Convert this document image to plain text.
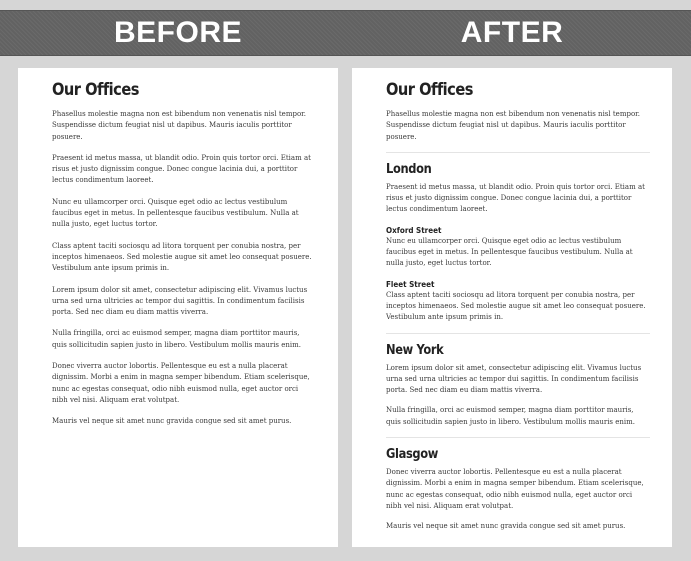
BEFORE	AFTER
Our Offices

Phasellus molestie magna non est bibendum non venenatis nisl tempor. Suspendisse dictum feugiat nisl ut dapibus. Mauris iaculis porttitor posuere.

Praesent id metus massa, ut blandit odio. Proin quis tortor orci. Etiam at risus et justo dignissim congue. Donec congue lacinia dui, a porttitor lectus condimentum laoreet.

Nunc eu ullamcorper orci. Quisque eget odio ac lectus vestibulum faucibus eget in metus. In pellentesque faucibus vestibulum. Nulla at nulla justo, eget luctus tortor.

Class aptent taciti sociosqu ad litora torquent per conubia nostra, per inceptos himenaeos. Sed molestie augue sit amet leo consequat posuere. Vestibulum ante ipsum primis in.

Lorem ipsum dolor sit amet, consectetur adipiscing elit. Vivamus luctus urna sed urna ultricies ac tempor dui sagittis. In condimentum facilisis porta. Sed nec diam eu diam mattis viverra.

Nulla fringilla, orci ac euismod semper, magna diam porttitor mauris, quis sollicitudin sapien justo in libero. Vestibulum mollis mauris enim.

Donec viverra auctor lobortis. Pellentesque eu est a nulla placerat dignissim. Morbi a enim in magna semper bibendum. Etiam scelerisque, nunc ac egestas consequat, odio nibh euismod nulla, eget auctor orci nibh vel nisi. Aliquam erat volutpat.

Mauris vel neque sit amet nunc gravida congue sed sit amet purus.

Our Offices

Phasellus molestie magna non est bibendum non venenatis nisl tempor. Suspendisse dictum feugiat nisl ut dapibus. Mauris iaculis porttitor posuere.

London

Praesent id metus massa, ut blandit odio. Proin quis tortor orci. Etiam at risus et justo dignissim congue. Donec congue lacinia dui, a porttitor lectus condimentum laoreet.

Oxford Street

Nunc eu ullamcorper orci. Quisque eget odio ac lectus vestibulum faucibus eget in metus. In pellentesque faucibus vestibulum. Nulla at nulla justo, eget luctus tortor.

Fleet Street

Class aptent taciti sociosqu ad litora torquent per conubia nostra, per inceptos himenaeos. Sed molestie augue sit amet leo consequat posuere. Vestibulum ante ipsum primis in.

New York

Lorem ipsum dolor sit amet, consectetur adipiscing elit. Vivamus luctus urna sed urna ultricies ac tempor dui sagittis. In condimentum facilisis porta. Sed nec diam eu diam mattis viverra.

Nulla fringilla, orci ac euismod semper, magna diam porttitor mauris, quis sollicitudin sapien justo in libero. Vestibulum mollis mauris enim.

Glasgow

Donec viverra auctor lobortis. Pellentesque eu est a nulla placerat dignissim. Morbi a enim in magna semper bibendum. Etiam scelerisque, nunc ac egestas consequat, odio nibh euismod nulla, eget auctor orci nibh vel nisi. Aliquam erat volutpat.

Mauris vel neque sit amet nunc gravida congue sed sit amet purus.
